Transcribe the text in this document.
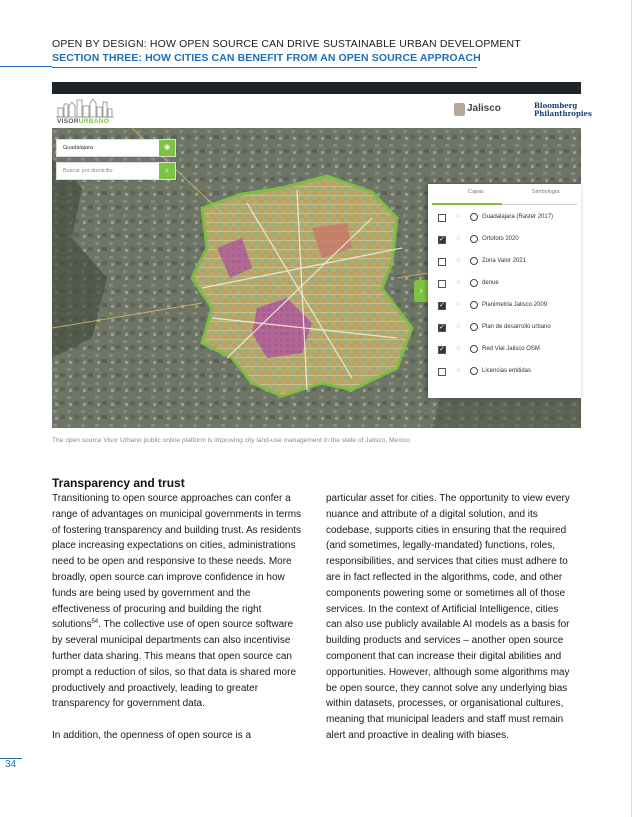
OPEN BY DESIGN: HOW OPEN SOURCE CAN DRIVE SUSTAINABLE URBAN DEVELOPMENT
SECTION THREE: HOW CITIES CAN BENEFIT FROM AN OPEN SOURCE APPROACH
VISORURBANO
Jalisco	Bloomberg
Philanthropies
Guadalajara	◉
Buscar por domicilio	⌕
›
Capas	Simbología
⁘	Guadalajara (Raster 2017)
✓ ⁘	Ortofoto 2020
⁘	Zona Valor 2021
⁘	denue
✓ ⁘	Planimetria Jalisco 2009
✓ ⁘	Plan de desarrollo urbano
✓ ⁘	Red Vial Jalisco OSM
⁘	Licencias emitidas
The open source Visor Urbano public online platform is improving city land-use management in the state of Jalisco, Mexico
Transparency and trust

Transitioning to open source approaches can confer a range of advantages on municipal governments in terms of fostering transparency and building trust. As residents place increasing expectations on cities, administrations need to be open and responsive to these needs. More broadly, open source can improve confidence in how funds are being used by government and the effectiveness of procuring and building the right solutions$^{54}$. The collective use of open source software by several municipal departments can also incentivise further data sharing. This means that open source can prompt a reduction of silos, so that data is shared more productively and proactively, leading to greater transparency for government data.

In addition, the openness of open source is a

particular asset for cities. The opportunity to view every nuance and attribute of a digital solution, and its codebase, supports cities in ensuring that the required (and sometimes, legally-mandated) functions, roles, responsibilities, and services that cities must adhere to are in fact reflected in the algorithms, code, and other components powering some or sometimes all of those services. In the context of Artificial Intelligence, cities can also use publicly available AI models as a basis for building products and services – another open source component that can increase their digital abilities and opportunities. However, although some algorithms may be open source, they cannot solve any underlying bias within datasets, processes, or organisational cultures, meaning that municipal leaders and staff must remain alert and proactive in dealing with biases.

34
